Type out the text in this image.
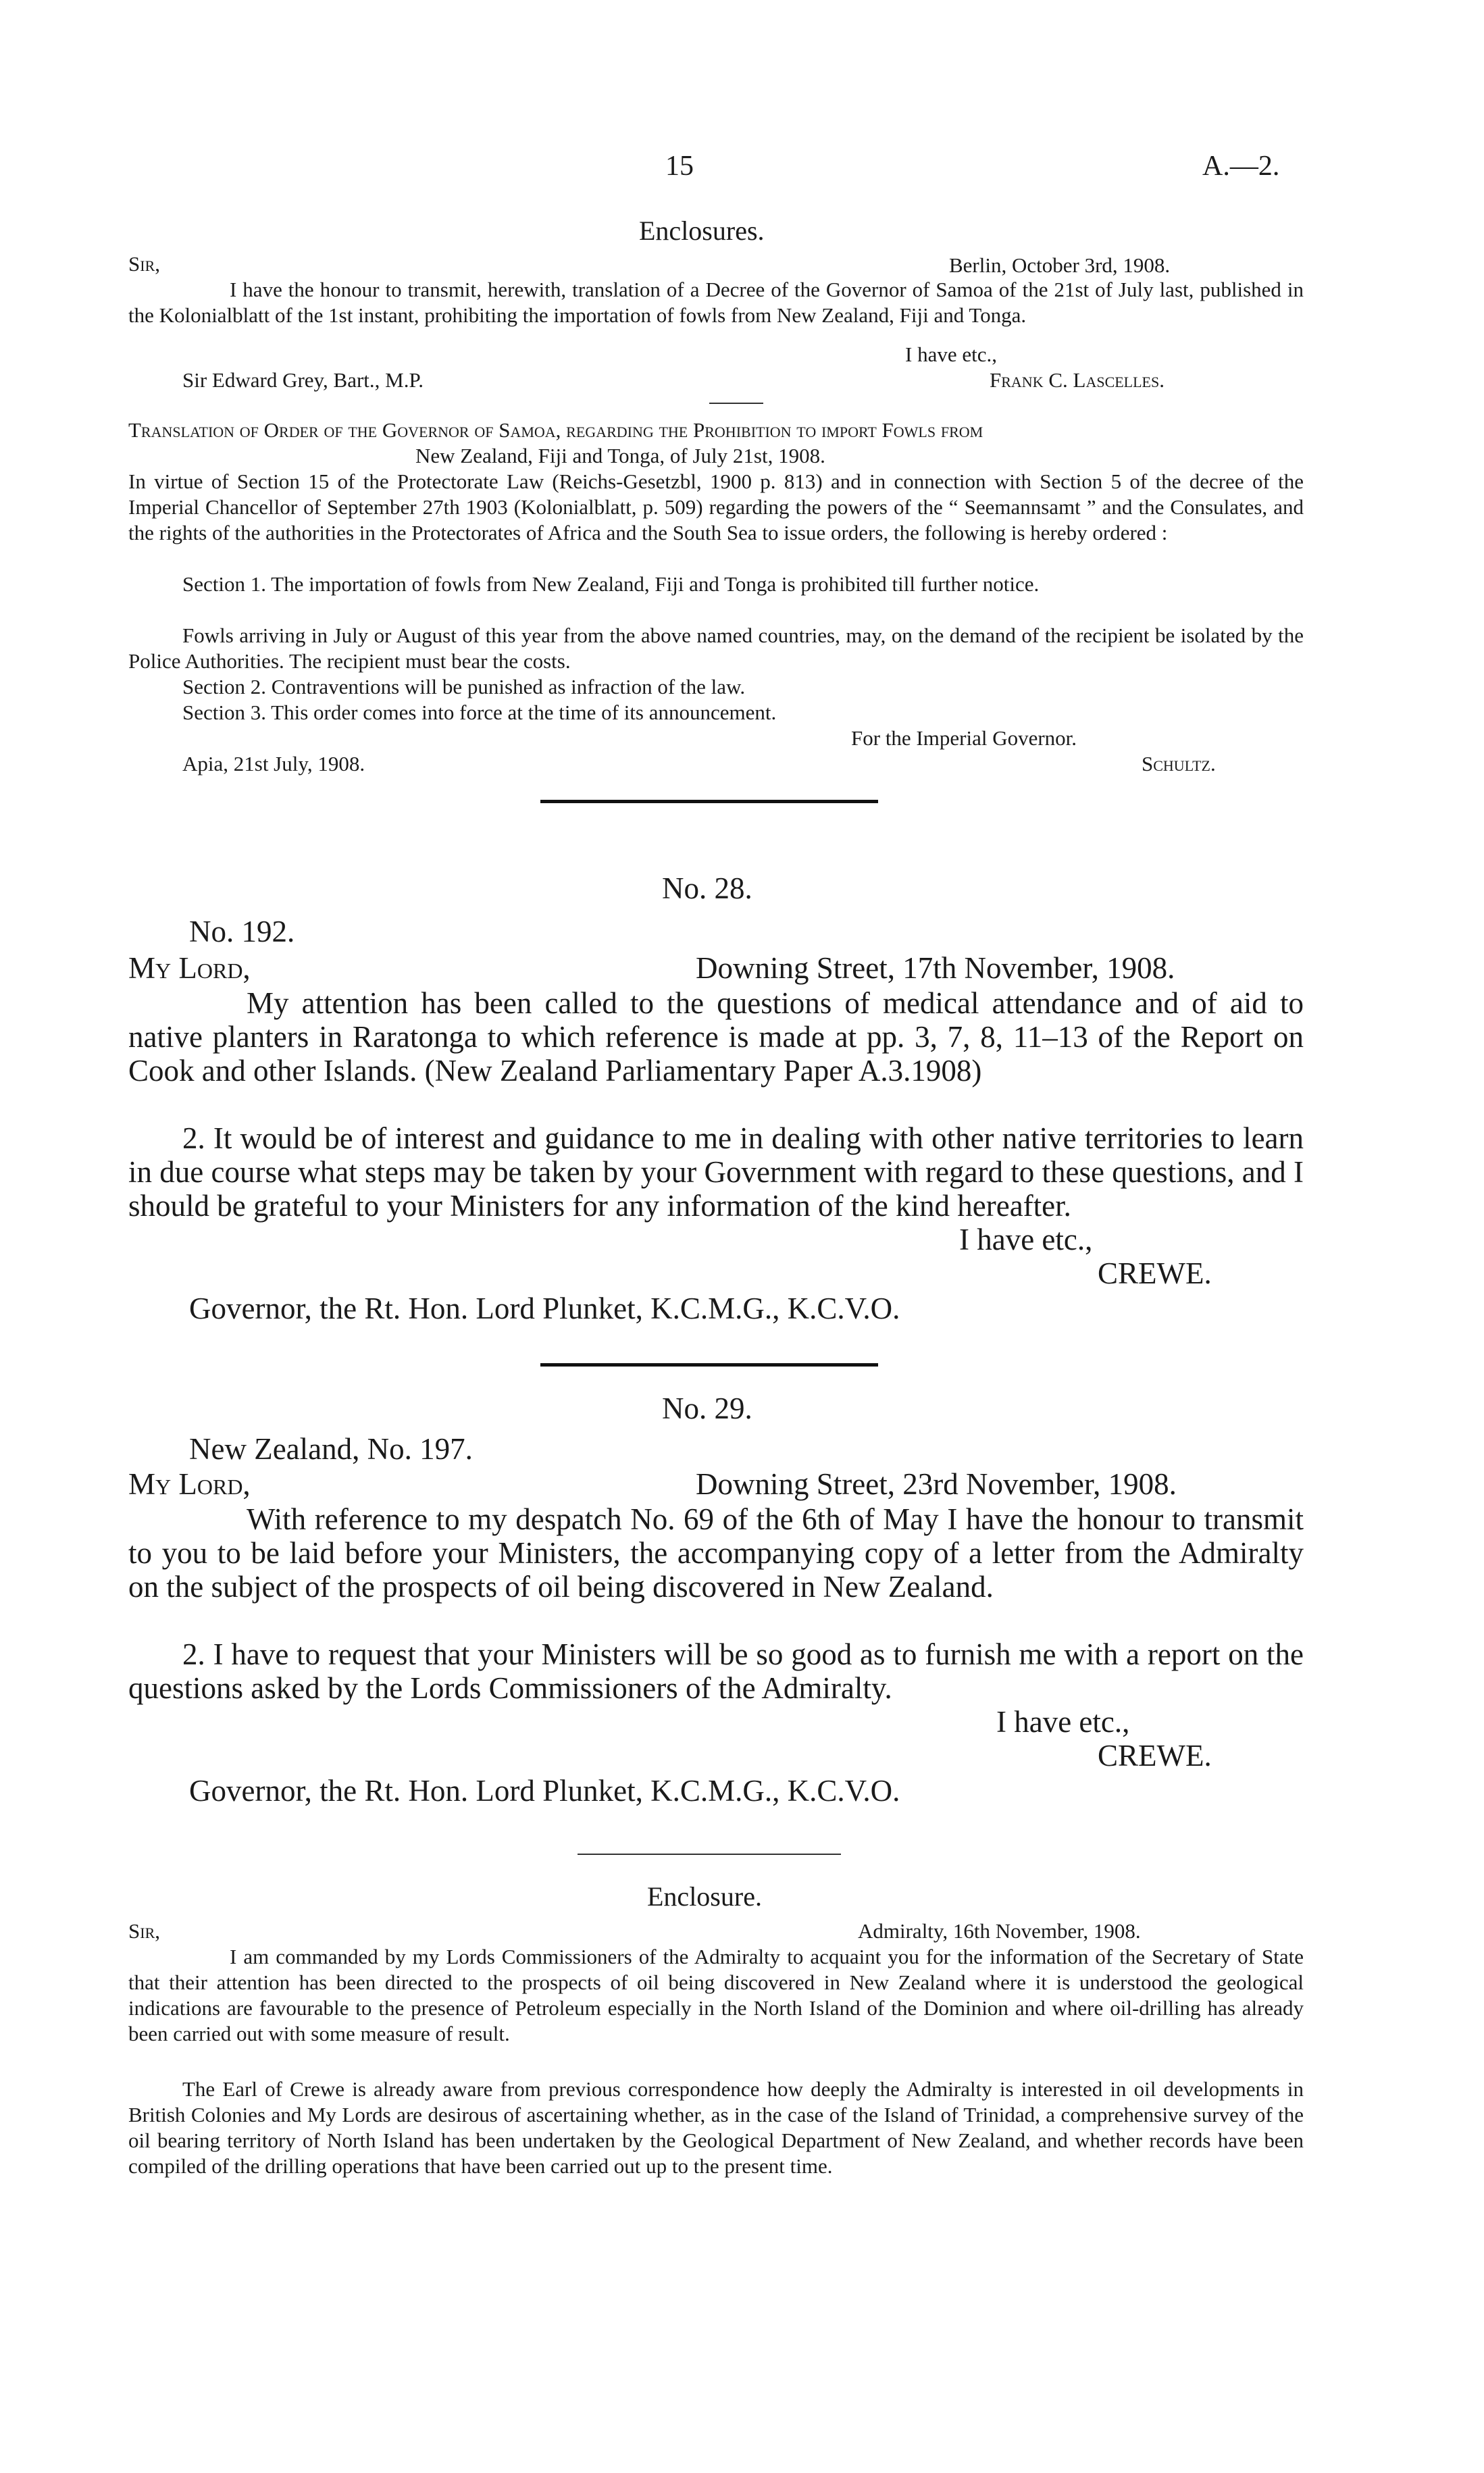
15	A.—2.
Enclosures.
Sir,	Berlin, October 3rd, 1908.
I have the honour to transmit, herewith, translation of a Decree of the Governor of Samoa of the 21st of July last, published in the Kolonialblatt of the 1st instant, prohibiting the importation of fowls from New Zealand, Fiji and Tonga.
I have etc.,
Sir Edward Grey, Bart., M.P.	Frank C. Lascelles.
Translation of Order of the Governor of Samoa, regarding the Prohibition to import Fowls from
New Zealand, Fiji and Tonga, of July 21st, 1908.
In virtue of Section 15 of the Protectorate Law (Reichs-Gesetzbl, 1900 p. 813) and in connection with Section 5 of the decree of the Imperial Chancellor of September 27th 1903 (Kolonialblatt, p. 509) regarding the powers of the “ Seemannsamt ” and the Consulates, and the rights of the authorities in the Protectorates of Africa and the South Sea to issue orders, the following is hereby ordered :
Section 1. The importation of fowls from New Zealand, Fiji and Tonga is prohibited till further notice.
Fowls arriving in July or August of this year from the above named countries, may, on the demand of the recipient be isolated by the Police Authorities. The recipient must bear the costs.
Section 2. Contraventions will be punished as infraction of the law.
Section 3. This order comes into force at the time of its announcement.
For the Imperial Governor.
Apia, 21st July, 1908.	Schultz.
No. 28.
No. 192.
My Lord,	Downing Street, 17th November, 1908.
My attention has been called to the questions of medical attendance and of aid to native planters in Raratonga to which reference is made at pp. 3, 7, 8, 11–13 of the Report on Cook and other Islands. (New Zealand Parliamentary Paper A.3.1908)
2. It would be of interest and guidance to me in dealing with other native territories to learn in due course what steps may be taken by your Government with regard to these questions, and I should be grateful to your Ministers for any information of the kind hereafter.
I have etc.,
CREWE.
Governor, the Rt. Hon. Lord Plunket, K.C.M.G., K.C.V.O.
No. 29.
New Zealand, No. 197.
My Lord,	Downing Street, 23rd November, 1908.
With reference to my despatch No. 69 of the 6th of May I have the honour to transmit to you to be laid before your Ministers, the accompanying copy of a letter from the Admiralty on the subject of the prospects of oil being discovered in New Zealand.
2. I have to request that your Ministers will be so good as to furnish me with a report on the questions asked by the Lords Commissioners of the Admiralty.
I have etc.,
CREWE.
Governor, the Rt. Hon. Lord Plunket, K.C.M.G., K.C.V.O.
Enclosure.
Sir,	Admiralty, 16th November, 1908.
I am commanded by my Lords Commissioners of the Admiralty to acquaint you for the information of the Secretary of State that their attention has been directed to the prospects of oil being discovered in New Zealand where it is understood the geological indications are favourable to the presence of Petroleum especially in the North Island of the Dominion and where oil-drilling has already been carried out with some measure of result.
The Earl of Crewe is already aware from previous correspondence how deeply the Admiralty is interested in oil developments in British Colonies and My Lords are desirous of ascertaining whether, as in the case of the Island of Trinidad, a comprehensive survey of the oil bearing territory of North Island has been undertaken by the Geological Department of New Zealand, and whether records have been compiled of the drilling operations that have been carried out up to the present time.
